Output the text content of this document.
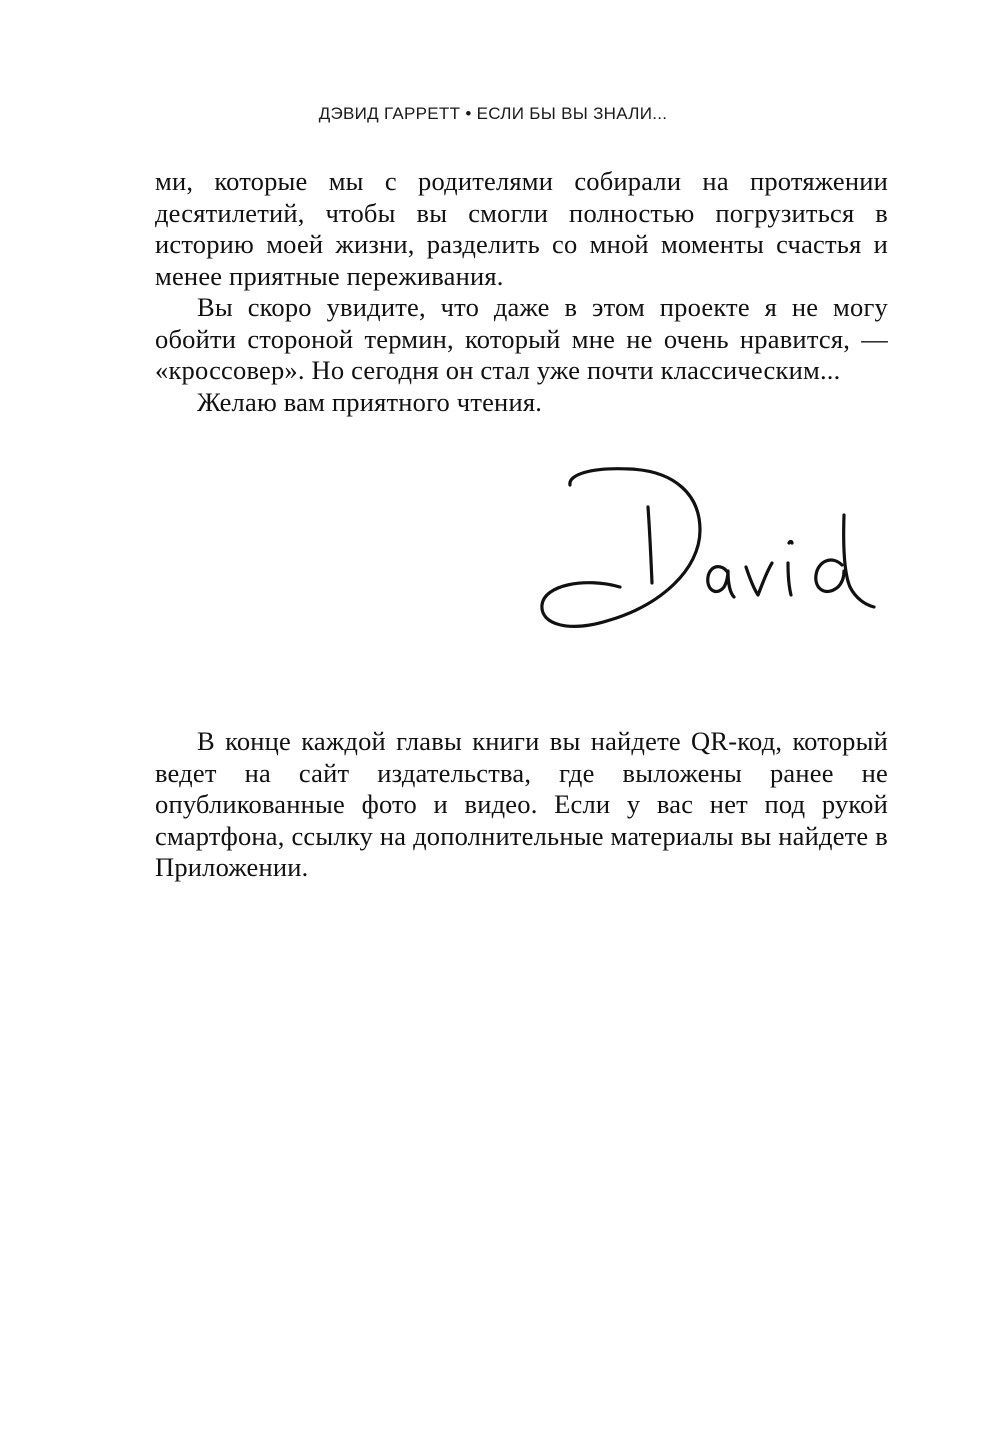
ДЭВИД ГАРРЕТТ • ЕСЛИ БЫ ВЫ ЗНАЛИ...

ми, которые мы с родителями собирали на протяжении десятилетий, чтобы вы смогли полностью погрузиться в историю моей жизни, разделить со мной моменты счастья и менее приятные переживания.

Вы скоро увидите, что даже в этом проекте я не могу обойти стороной термин, который мне не очень нравится, — «кроссовер». Но сегодня он стал уже почти классическим...

Желаю вам приятного чтения.

В конце каждой главы книги вы найдете QR-код, который ведет на сайт издательства, где выложены ранее не опубликованные фото и видео. Если у вас нет под рукой смартфона, ссылку на дополнительные материалы вы найдете в Приложении.
